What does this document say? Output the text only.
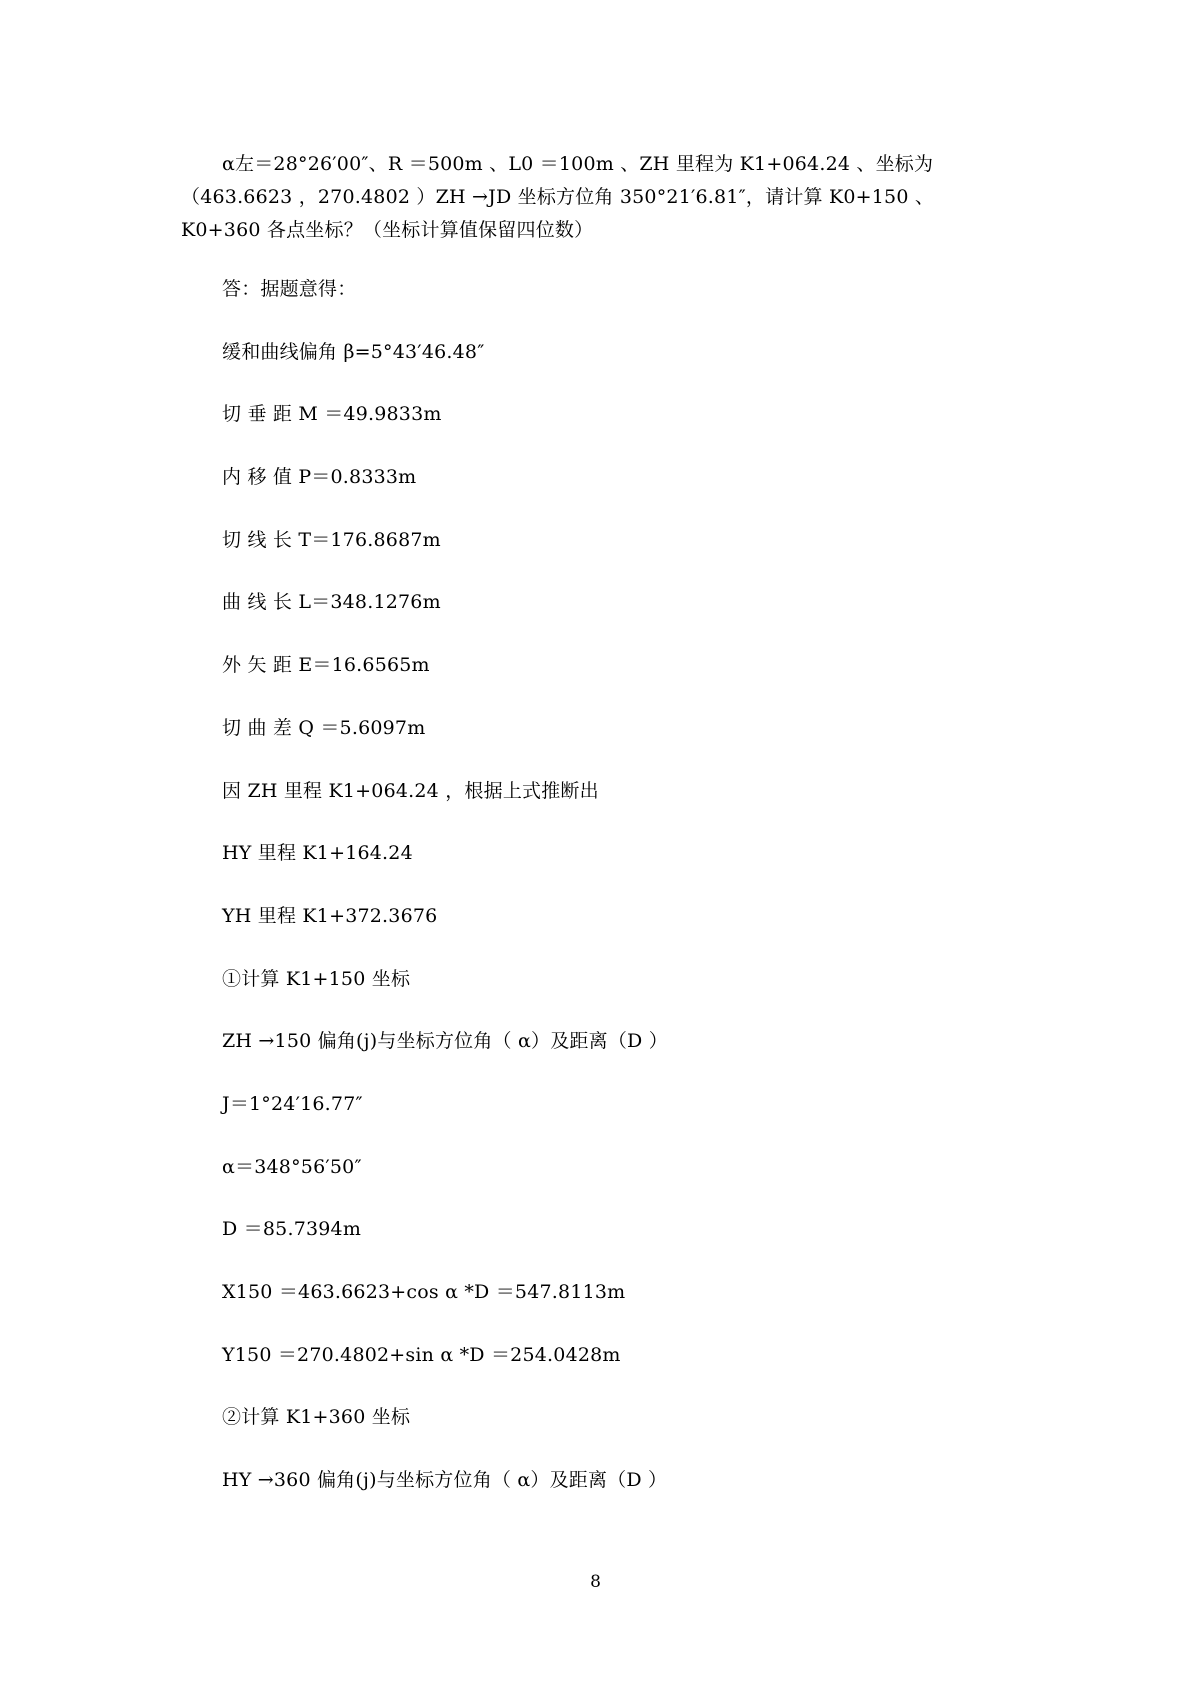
α左＝28°26′00″、R ＝500m 、L0 ＝100m 、ZH 里程为 K1+064.24 、坐标为
（463.6623 ，270.4802 ）ZH →JD 坐标方位角 350°21′6.81″，请计算 K0+150 、
K0+360 各点坐标？（坐标计算值保留四位数）
答：据题意得：
缓和曲线偏角 β=5°43′46.48″
切 垂 距 M ＝49.9833m
内 移 值 P＝0.8333m
切 线 长 T＝176.8687m
曲 线 长 L＝348.1276m
外 矢 距 E＝16.6565m
切 曲 差 Q ＝5.6097m
因 ZH 里程 K1+064.24 ，根据上式推断出
HY 里程 K1+164.24
YH 里程 K1+372.3676
①计算 K1+150 坐标
ZH →150 偏角(j)与坐标方位角（ α）及距离（D ）
J＝1°24′16.77″
α＝348°56′50″
D ＝85.7394m
X150 ＝463.6623+cos α *D ＝547.8113m
Y150 ＝270.4802+sin α *D ＝254.0428m
②计算 K1+360 坐标
HY →360 偏角(j)与坐标方位角（ α）及距离（D ）
8
